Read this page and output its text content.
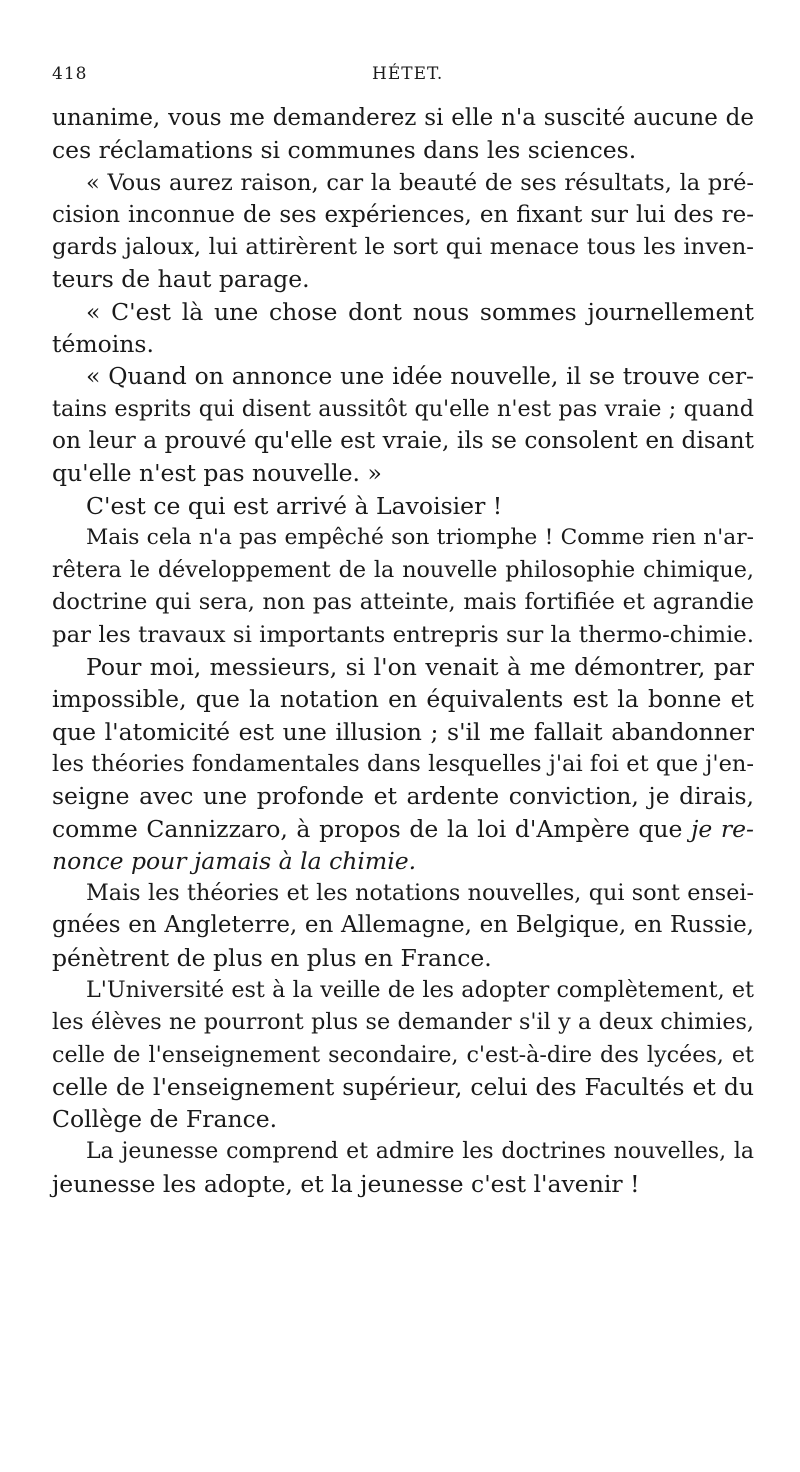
418	HÉTET.
unanime, vous me demanderez si elle n'a suscité aucune de
ces réclamations si communes dans les sciences.
« Vous aurez raison, car la beauté de ses résultats, la pré-
cision inconnue de ses expériences, en fixant sur lui des re-
gards jaloux, lui attirèrent le sort qui menace tous les inven-
teurs de haut parage.
« C'est là une chose dont nous sommes journellement
témoins.
« Quand on annonce une idée nouvelle, il se trouve cer-
tains esprits qui disent aussitôt qu'elle n'est pas vraie ; quand
on leur a prouvé qu'elle est vraie, ils se consolent en disant
qu'elle n'est pas nouvelle. »
C'est ce qui est arrivé à Lavoisier !
Mais cela n'a pas empêché son triomphe ! Comme rien n'ar-
rêtera le développement de la nouvelle philosophie chimique,
doctrine qui sera, non pas atteinte, mais fortifiée et agrandie
par les travaux si importants entrepris sur la thermo-chimie.
Pour moi, messieurs, si l'on venait à me démontrer, par
impossible, que la notation en équivalents est la bonne et
que l'atomicité est une illusion ; s'il me fallait abandonner
les théories fondamentales dans lesquelles j'ai foi et que j'en-
seigne avec une profonde et ardente conviction, je dirais,
comme Cannizzaro, à propos de la loi d'Ampère que je re-
nonce pour jamais à la chimie.
Mais les théories et les notations nouvelles, qui sont ensei-
gnées en Angleterre, en Allemagne, en Belgique, en Russie,
pénètrent de plus en plus en France.
L'Université est à la veille de les adopter complètement, et
les élèves ne pourront plus se demander s'il y a deux chimies,
celle de l'enseignement secondaire, c'est-à-dire des lycées, et
celle de l'enseignement supérieur, celui des Facultés et du
Collège de France.
La jeunesse comprend et admire les doctrines nouvelles, la
jeunesse les adopte, et la jeunesse c'est l'avenir !
